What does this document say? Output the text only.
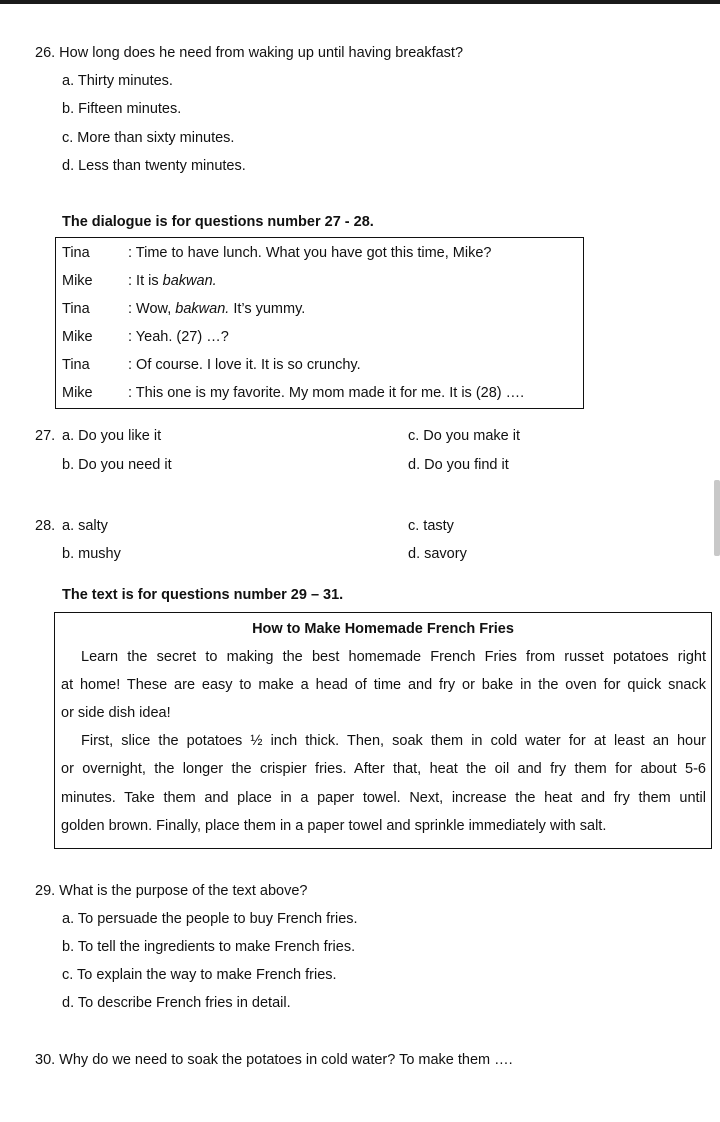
26. How long does he need from waking up until having breakfast?
a. Thirty minutes.
b. Fifteen minutes.
c. More than sixty minutes.
d. Less than twenty minutes.
The dialogue is for questions number 27 - 28.
Tina	: Time to have lunch. What you have got this time, Mike?
Mike	: It is bakwan.
Tina	: Wow, bakwan. It’s yummy.
Mike	: Yeah. (27) …?
Tina	: Of course. I love it. It is so crunchy.
Mike	: This one is my favorite. My mom made it for me. It is (28) ….
27. a. Do you like it	c. Do you make it
b. Do you need it	d. Do you find it
28. a. salty	c. tasty
b. mushy	d. savory
The text is for questions number 29 – 31.
How to Make Homemade French Fries
Learn the secret to making the best homemade French Fries from russet potatoes right
at home! These are easy to make a head of time and fry or bake in the oven for quick snack
or side dish idea!
First, slice the potatoes ½ inch thick. Then, soak them in cold water for at least an hour
or overnight, the longer the crispier fries. After that, heat the oil and fry them for about 5-6
minutes. Take them and place in a paper towel. Next, increase the heat and fry them until
golden brown. Finally, place them in a paper towel and sprinkle immediately with salt.
29. What is the purpose of the text above?
a. To persuade the people to buy French fries.
b. To tell the ingredients to make French fries.
c. To explain the way to make French fries.
d. To describe French fries in detail.
30. Why do we need to soak the potatoes in cold water? To make them ….
